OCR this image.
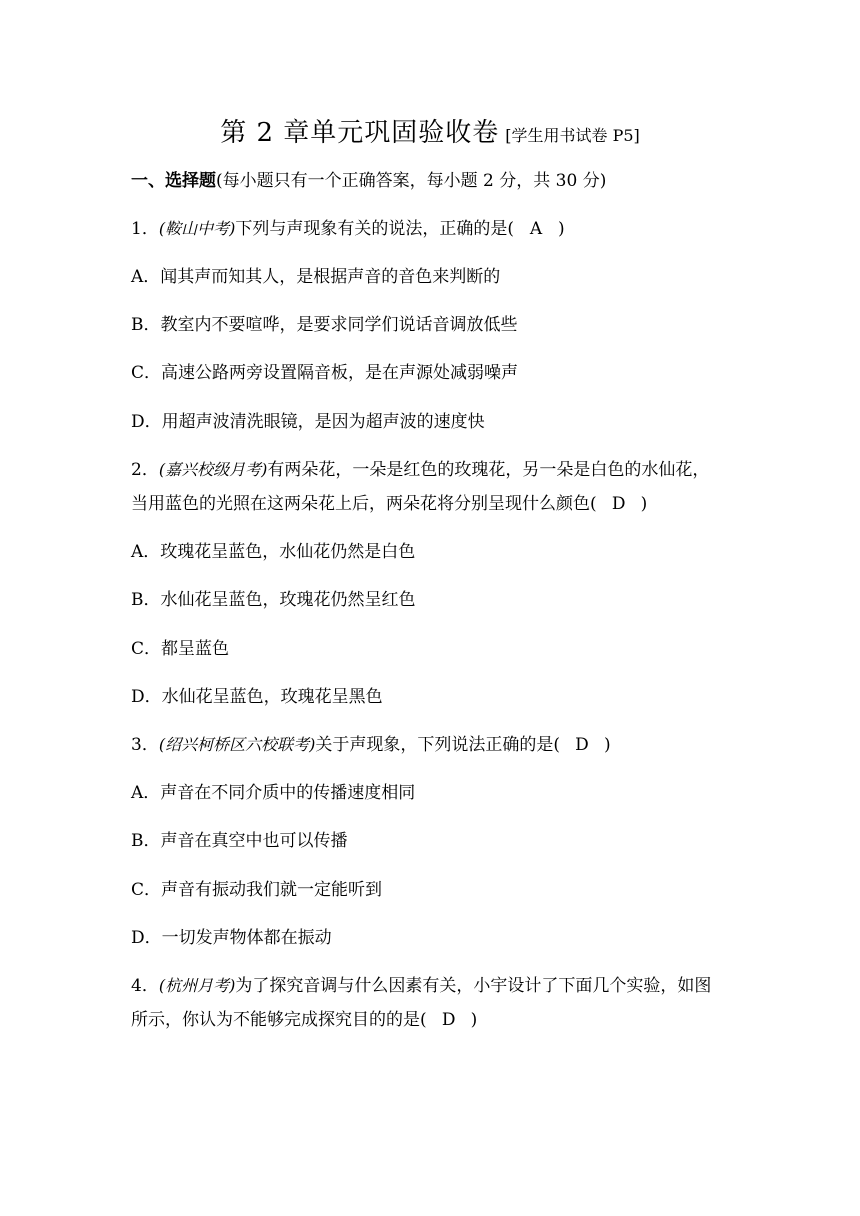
第 2 章单元巩固验收卷 [学生用书试卷 P5]
一、选择题(每小题只有一个正确答案，每小题 2 分，共 30 分)
1．(鞍山中考)下列与声现象有关的说法，正确的是( A )
A．闻其声而知其人，是根据声音的音色来判断的
B．教室内不要喧哗，是要求同学们说话音调放低些
C．高速公路两旁设置隔音板，是在声源处减弱噪声
D．用超声波清洗眼镜，是因为超声波的速度快
2．(嘉兴校级月考)有两朵花，一朵是红色的玫瑰花，另一朵是白色的水仙花，
当用蓝色的光照在这两朵花上后，两朵花将分别呈现什么颜色( D )
A．玫瑰花呈蓝色，水仙花仍然是白色
B．水仙花呈蓝色，玫瑰花仍然呈红色
C．都呈蓝色
D．水仙花呈蓝色，玫瑰花呈黑色
3．(绍兴柯桥区六校联考)关于声现象，下列说法正确的是( D )
A．声音在不同介质中的传播速度相同
B．声音在真空中也可以传播
C．声音有振动我们就一定能听到
D．一切发声物体都在振动
4．(杭州月考)为了探究音调与什么因素有关，小宇设计了下面几个实验，如图
所示，你认为不能够完成探究目的的是( D )
